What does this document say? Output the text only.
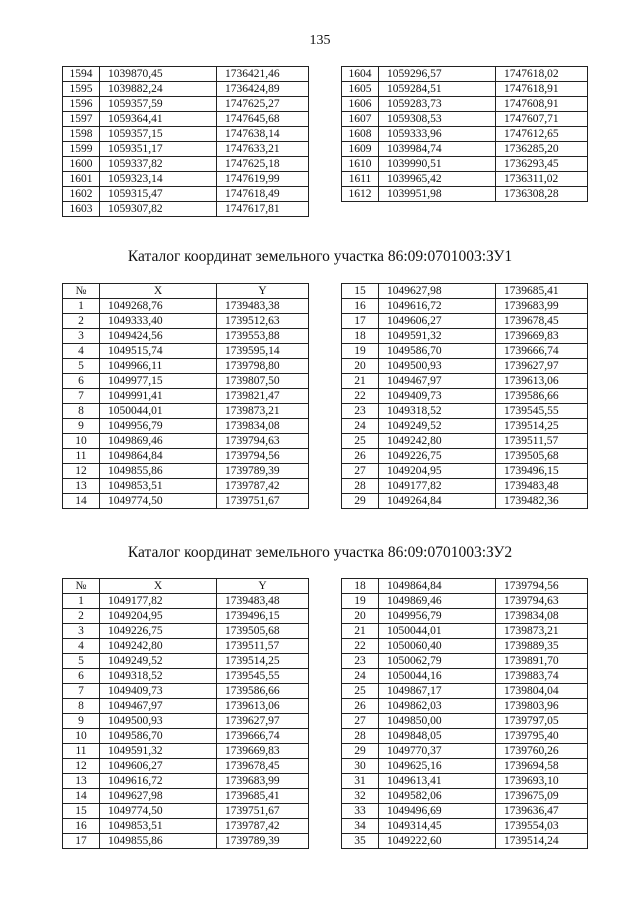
135
1594	1039870,45	1736421,46
1595	1039882,24	1736424,89
1596	1059357,59	1747625,27
1597	1059364,41	1747645,68
1598	1059357,15	1747638,14
1599	1059351,17	1747633,21
1600	1059337,82	1747625,18
1601	1059323,14	1747619,99
1602	1059315,47	1747618,49
1603	1059307,82	1747617,81
1604	1059296,57	1747618,02
1605	1059284,51	1747618,91
1606	1059283,73	1747608,91
1607	1059308,53	1747607,71
1608	1059333,96	1747612,65
1609	1039984,74	1736285,20
1610	1039990,51	1736293,45
1611	1039965,42	1736311,02
1612	1039951,98	1736308,28
Каталог координат земельного участка 86:09:0701003:ЗУ1
№	X	Y
1	1049268,76	1739483,38
2	1049333,40	1739512,63
3	1049424,56	1739553,88
4	1049515,74	1739595,14
5	1049966,11	1739798,80
6	1049977,15	1739807,50
7	1049991,41	1739821,47
8	1050044,01	1739873,21
9	1049956,79	1739834,08
10	1049869,46	1739794,63
11	1049864,84	1739794,56
12	1049855,86	1739789,39
13	1049853,51	1739787,42
14	1049774,50	1739751,67
15	1049627,98	1739685,41
16	1049616,72	1739683,99
17	1049606,27	1739678,45
18	1049591,32	1739669,83
19	1049586,70	1739666,74
20	1049500,93	1739627,97
21	1049467,97	1739613,06
22	1049409,73	1739586,66
23	1049318,52	1739545,55
24	1049249,52	1739514,25
25	1049242,80	1739511,57
26	1049226,75	1739505,68
27	1049204,95	1739496,15
28	1049177,82	1739483,48
29	1049264,84	1739482,36
Каталог координат земельного участка 86:09:0701003:ЗУ2
№	X	Y
1	1049177,82	1739483,48
2	1049204,95	1739496,15
3	1049226,75	1739505,68
4	1049242,80	1739511,57
5	1049249,52	1739514,25
6	1049318,52	1739545,55
7	1049409,73	1739586,66
8	1049467,97	1739613,06
9	1049500,93	1739627,97
10	1049586,70	1739666,74
11	1049591,32	1739669,83
12	1049606,27	1739678,45
13	1049616,72	1739683,99
14	1049627,98	1739685,41
15	1049774,50	1739751,67
16	1049853,51	1739787,42
17	1049855,86	1739789,39
18	1049864,84	1739794,56
19	1049869,46	1739794,63
20	1049956,79	1739834,08
21	1050044,01	1739873,21
22	1050060,40	1739889,35
23	1050062,79	1739891,70
24	1050044,16	1739883,74
25	1049867,17	1739804,04
26	1049862,03	1739803,96
27	1049850,00	1739797,05
28	1049848,05	1739795,40
29	1049770,37	1739760,26
30	1049625,16	1739694,58
31	1049613,41	1739693,10
32	1049582,06	1739675,09
33	1049496,69	1739636,47
34	1049314,45	1739554,03
35	1049222,60	1739514,24
